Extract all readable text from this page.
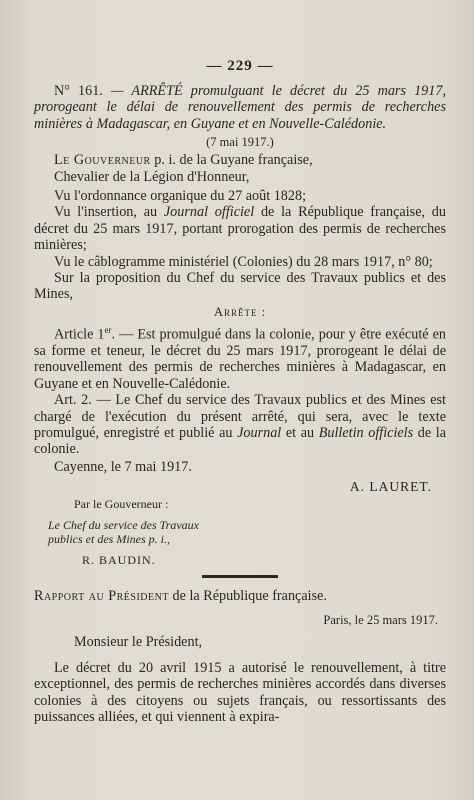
— 229 —

N° 161. — ARRÊTÉ promulguant le décret du 25 mars 1917, prorogeant le délai de renouvellement des permis de recherches minières à Madagascar, en Guyane et en Nouvelle-Calédonie.

(7 mai 1917.)

Le Gouverneur p. i. de la Guyane française,

Chevalier de la Légion d'Honneur,

Vu l'ordonnance organique du 27 août 1828;

Vu l'insertion, au Journal officiel de la République française, du décret du 25 mars 1917, portant prorogation des permis de recherches minières;

Vu le câblogramme ministériel (Colonies) du 28 mars 1917, n° 80;

Sur la proposition du Chef du service des Travaux publics et des Mines,

Arrête :

Article 1er. — Est promulgué dans la colonie, pour y être exécuté en sa forme et teneur, le décret du 25 mars 1917, prorogeant le délai de renouvellement des permis de recherches minières à Madagascar, en Guyane et en Nouvelle-Calédonie.

Art. 2. — Le Chef du service des Travaux publics et des Mines est chargé de l'exécution du présent arrêté, qui sera, avec le texte promulgué, enregistré et publié au Journal et au Bulletin officiels de la colonie.

Cayenne, le 7 mai 1917.

A. LAURET.
Par le Gouverneur :
Le Chef du service des Travaux
publics et des Mines p. i.,
R. BAUDIN.
Rapport au Président de la République française.
Paris, le 25 mars 1917.

Monsieur le Président,

Le décret du 20 avril 1915 a autorisé le renouvellement, à titre exceptionnel, des permis de recherches minières accordés dans diverses colonies à des citoyens ou sujets français, ou ressortissants des puissances alliées, et qui viennent à expira-
